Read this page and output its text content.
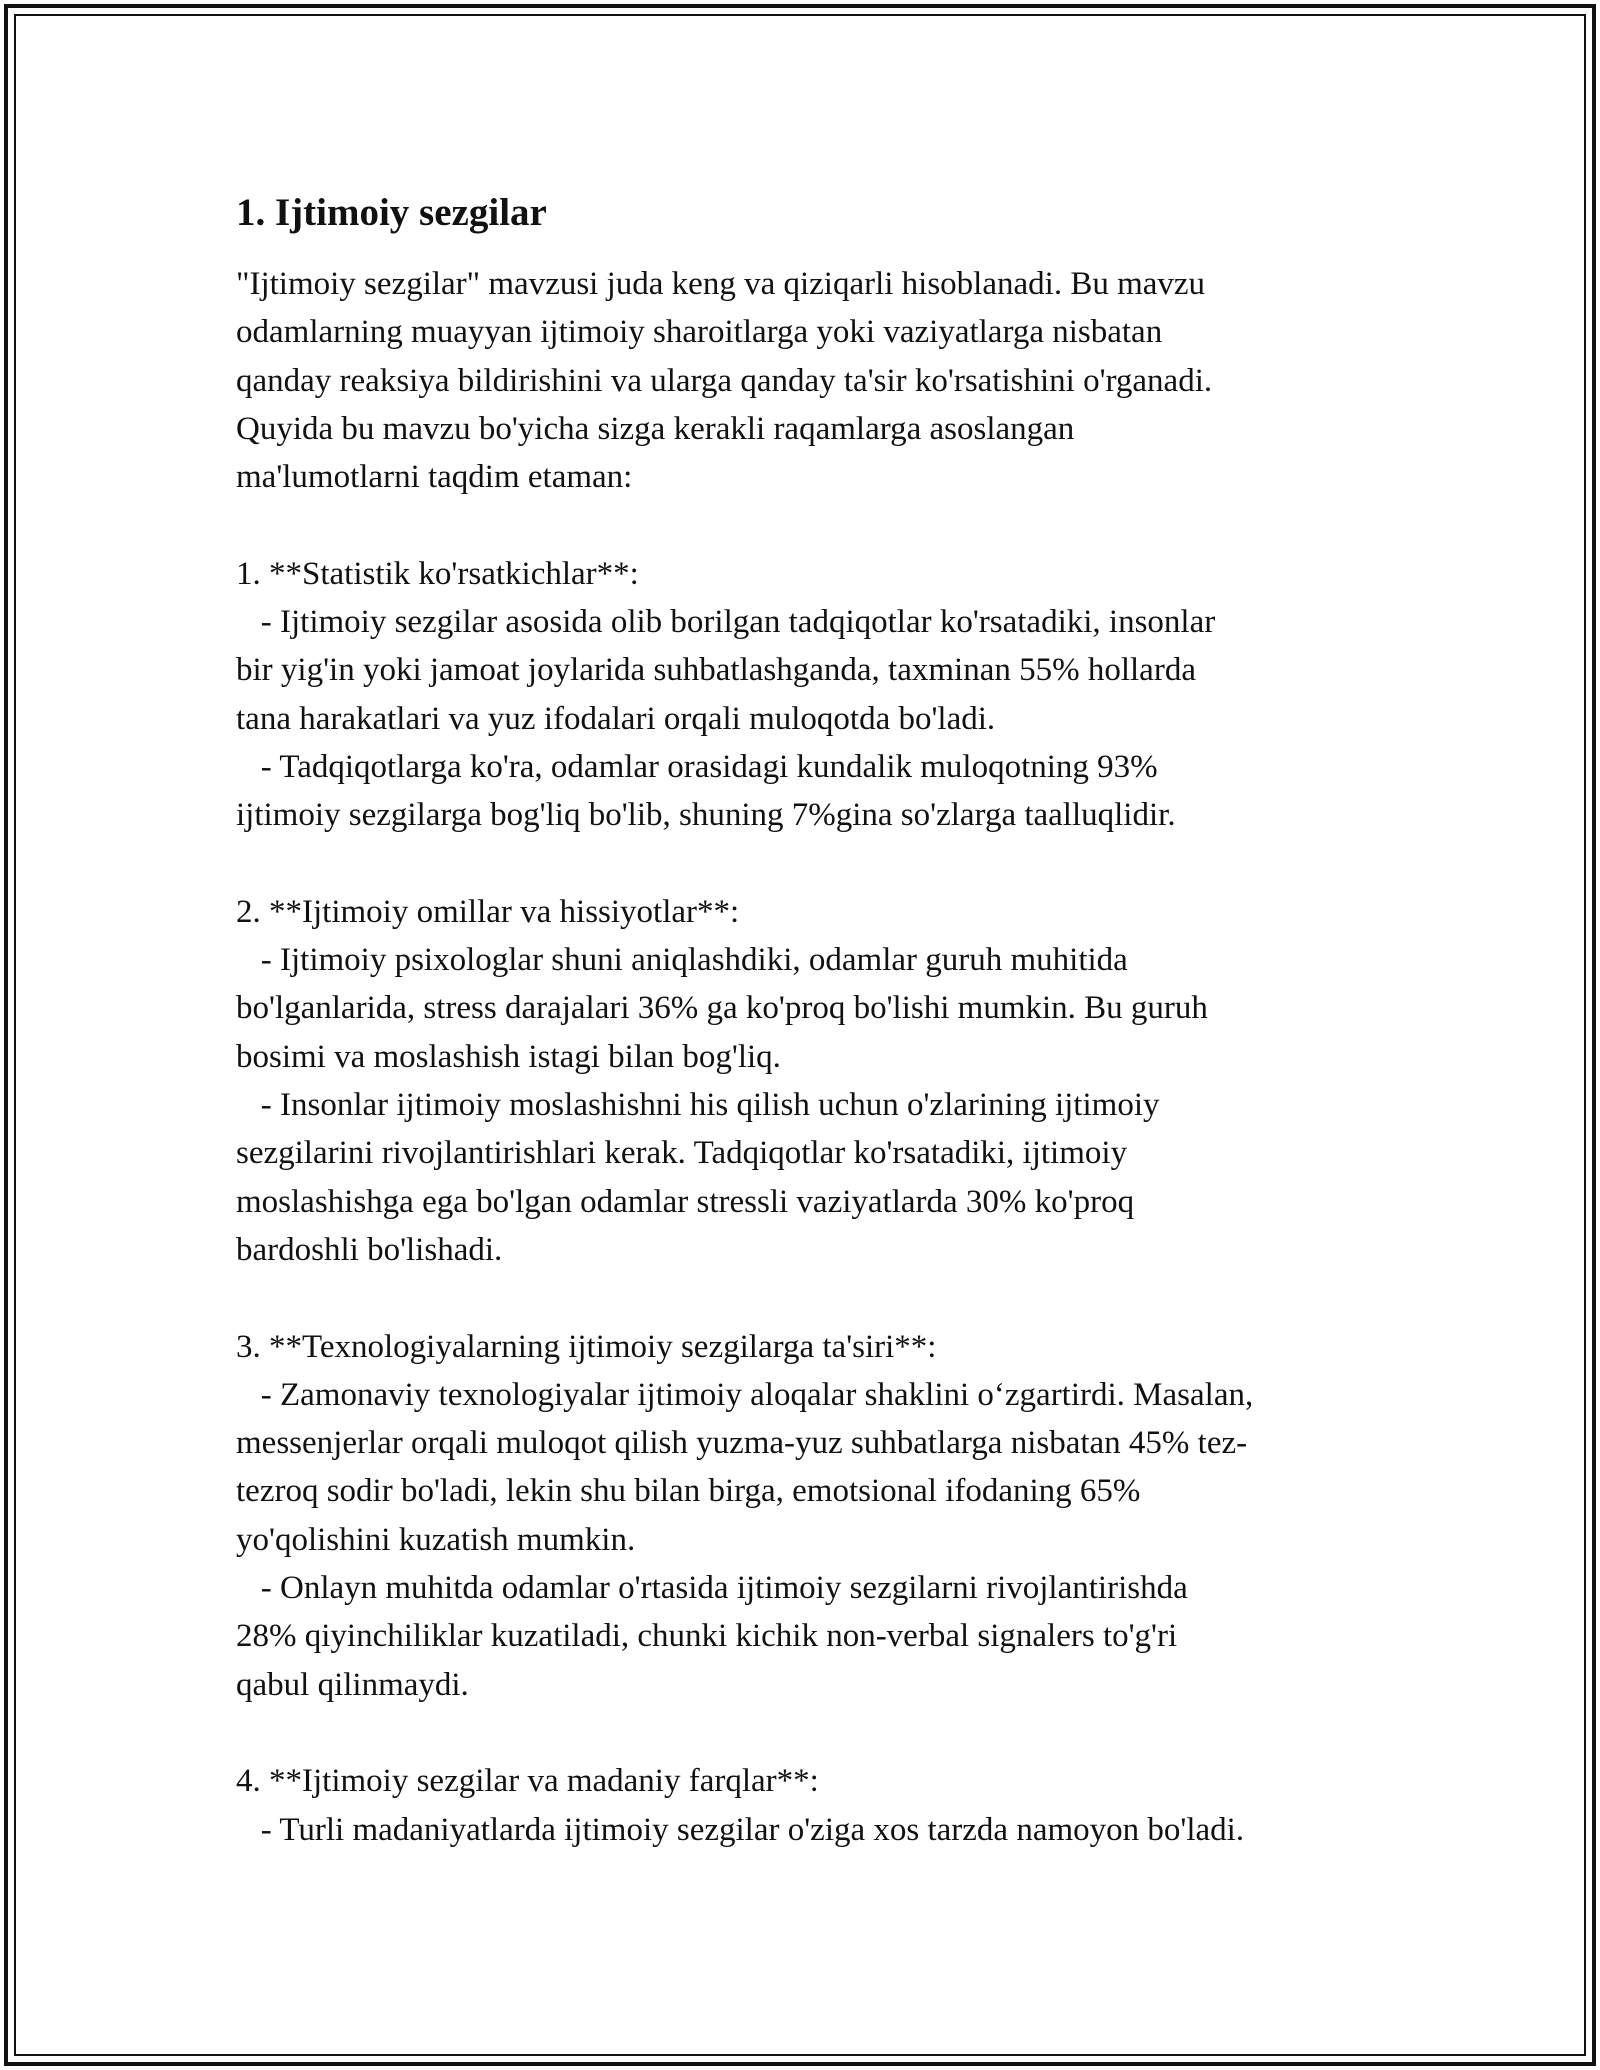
1. Ijtimoiy sezgilar
"Ijtimoiy sezgilar" mavzusi juda keng va qiziqarli hisoblanadi. Bu mavzu
odamlarning muayyan ijtimoiy sharoitlarga yoki vaziyatlarga nisbatan
qanday reaksiya bildirishini va ularga qanday ta'sir ko'rsatishini o'rganadi.
Quyida bu mavzu bo'yicha sizga kerakli raqamlarga asoslangan
ma'lumotlarni taqdim etaman:
1. **Statistik ko'rsatkichlar**:
- Ijtimoiy sezgilar asosida olib borilgan tadqiqotlar ko'rsatadiki, insonlar
bir yig'in yoki jamoat joylarida suhbatlashganda, taxminan 55% hollarda
tana harakatlari va yuz ifodalari orqali muloqotda bo'ladi.
- Tadqiqotlarga ko'ra, odamlar orasidagi kundalik muloqotning 93%
ijtimoiy sezgilarga bog'liq bo'lib, shuning 7%gina so'zlarga taalluqlidir.
2. **Ijtimoiy omillar va hissiyotlar**:
- Ijtimoiy psixologlar shuni aniqlashdiki, odamlar guruh muhitida
bo'lganlarida, stress darajalari 36% ga ko'proq bo'lishi mumkin. Bu guruh
bosimi va moslashish istagi bilan bog'liq.
- Insonlar ijtimoiy moslashishni his qilish uchun o'zlarining ijtimoiy
sezgilarini rivojlantirishlari kerak. Tadqiqotlar ko'rsatadiki, ijtimoiy
moslashishga ega bo'lgan odamlar stressli vaziyatlarda 30% ko'proq
bardoshli bo'lishadi.
3. **Texnologiyalarning ijtimoiy sezgilarga ta'siri**:
- Zamonaviy texnologiyalar ijtimoiy aloqalar shaklini o‘zgartirdi. Masalan,
messenjerlar orqali muloqot qilish yuzma-yuz suhbatlarga nisbatan 45% tez-
tezroq sodir bo'ladi, lekin shu bilan birga, emotsional ifodaning 65%
yo'qolishini kuzatish mumkin.
- Onlayn muhitda odamlar o'rtasida ijtimoiy sezgilarni rivojlantirishda
28% qiyinchiliklar kuzatiladi, chunki kichik non-verbal signalers to'g'ri
qabul qilinmaydi.
4. **Ijtimoiy sezgilar va madaniy farqlar**:
- Turli madaniyatlarda ijtimoiy sezgilar o'ziga xos tarzda namoyon bo'ladi.
